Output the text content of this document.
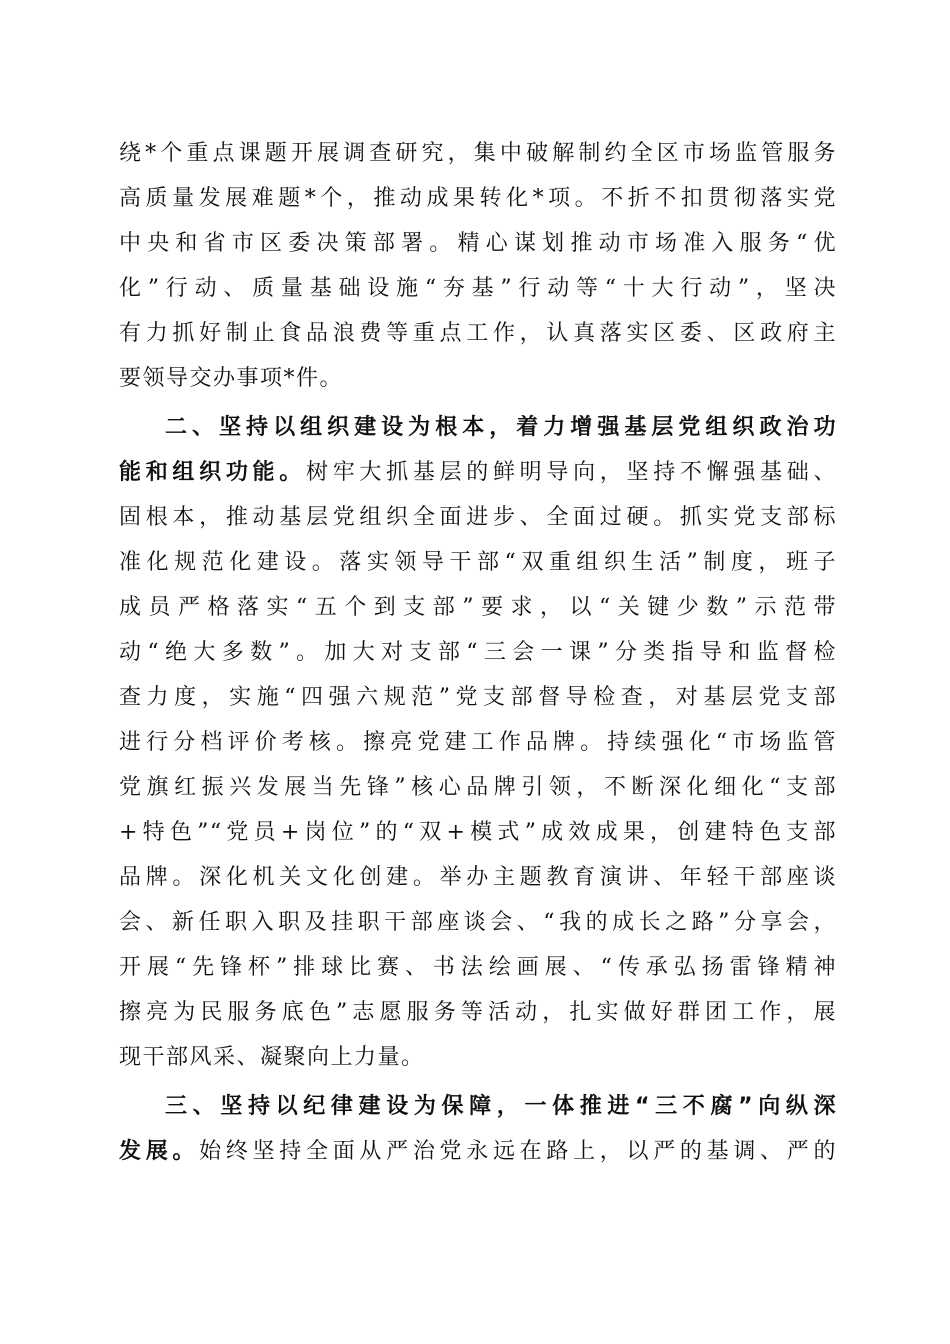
绕*个重点课题开展调查研究，集中破解制约全区市场监管服务
高质量发展难题*个，推动成果转化*项。不折不扣贯彻落实党
中央和省市区委决策部署。精心谋划推动市场准入服务“优
化”行动、质量基础设施“夯基”行动等“十大行动”，坚决
有力抓好制止食品浪费等重点工作，认真落实区委、区政府主
要领导交办事项*件。
二、坚持以组织建设为根本，着力增强基层党组织政治功
能和组织功能。树牢大抓基层的鲜明导向，坚持不懈强基础、
固根本，推动基层党组织全面进步、全面过硬。抓实党支部标
准化规范化建设。落实领导干部“双重组织生活”制度，班子
成员严格落实“五个到支部”要求，以“关键少数”示范带
动“绝大多数”。加大对支部“三会一课”分类指导和监督检
查力度，实施“四强六规范”党支部督导检查，对基层党支部
进行分档评价考核。擦亮党建工作品牌。持续强化“市场监管
党旗红振兴发展当先锋”核心品牌引领，不断深化细化“支部
+特色”“党员+岗位”的“双+模式”成效成果，创建特色支部
品牌。深化机关文化创建。举办主题教育演讲、年轻干部座谈
会、新任职入职及挂职干部座谈会、“我的成长之路”分享会，
开展“先锋杯”排球比赛、书法绘画展、“传承弘扬雷锋精神
擦亮为民服务底色”志愿服务等活动，扎实做好群团工作，展
现干部风采、凝聚向上力量。
三、坚持以纪律建设为保障，一体推进“三不腐”向纵深
发展。始终坚持全面从严治党永远在路上，以严的基调、严的
